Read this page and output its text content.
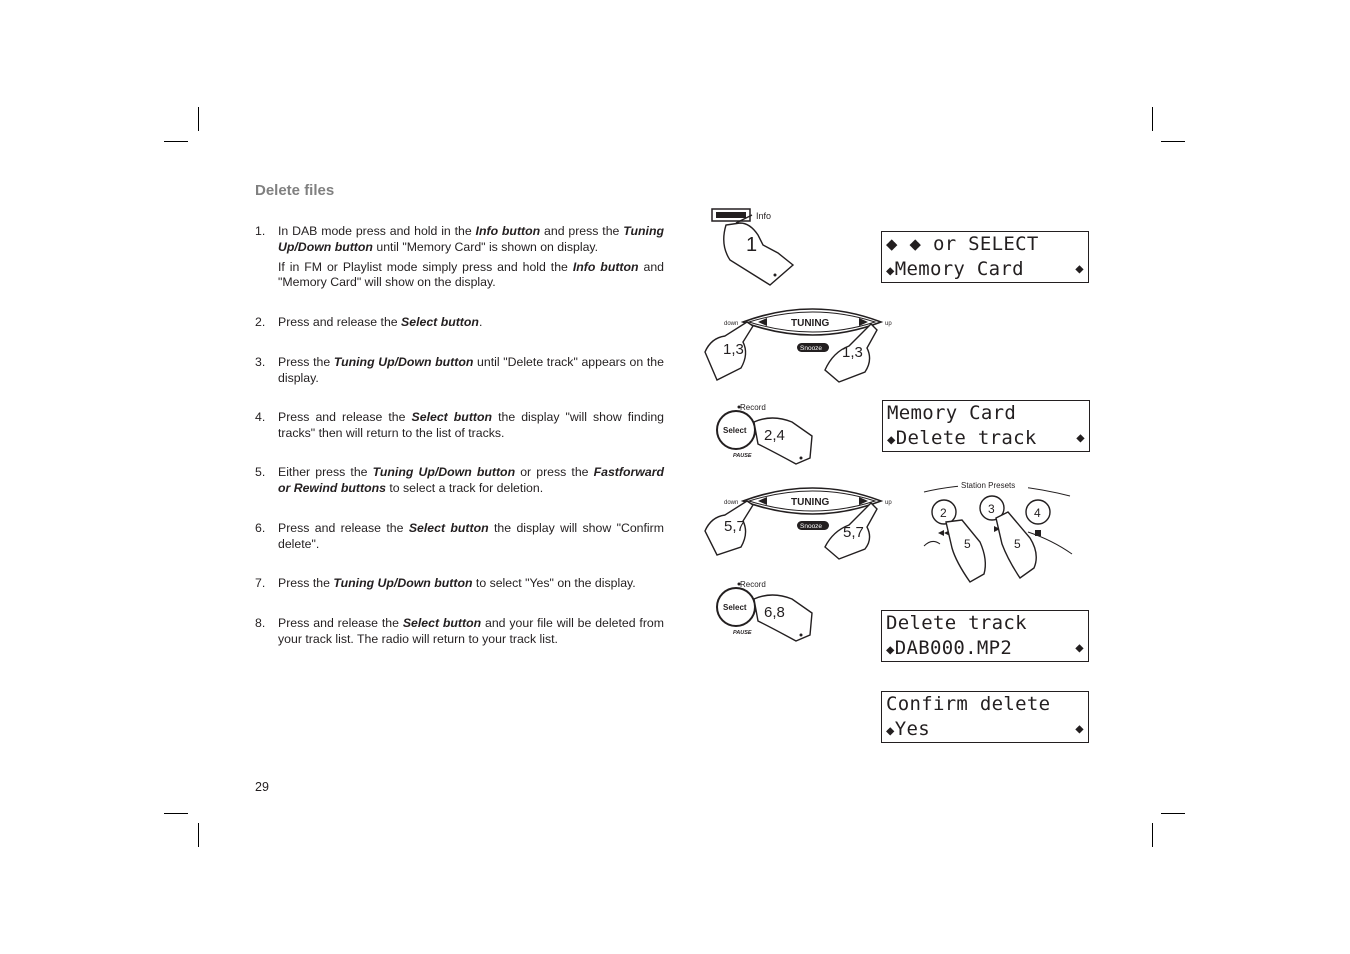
Delete files
1. In DAB mode press and hold in the Info button and press the Tuning Up/Down button until "Memory Card" is shown on display.

If in FM or Playlist mode simply press and hold the Info button and "Memory Card" will show on the display.

2. Press and release the Select button.

3. Press the Tuning Up/Down button until "Delete track" appears on the display.

4. Press and release the Select button the display "will show finding tracks" then will return to the list of tracks.

5. Either press the Tuning Up/Down button or press the Fastforward or Rewind buttons to select a track for deletion.

6. Press and release the Select button the display will show "Confirm delete".

7. Press the Tuning Up/Down button to select "Yes" on the display.

8. Press and release the Select button and your file will be deleted from your track list. The radio will return to your track list.

29
◆ ◆ or SELECT
◆Memory Card	◆
Memory Card
◆Delete track	◆
Delete track
◆DAB000.MP2	◆
Confirm delete
◆Yes	◆
Info
1
TUNING
down	up
Snooze
1,3	1,3
Record
Select
PAUSE
2,4
TUNING
down	up
Snooze
5,7	5,7
Station Presets
2	3	4
5	5
Record
Select
PAUSE
6,8
